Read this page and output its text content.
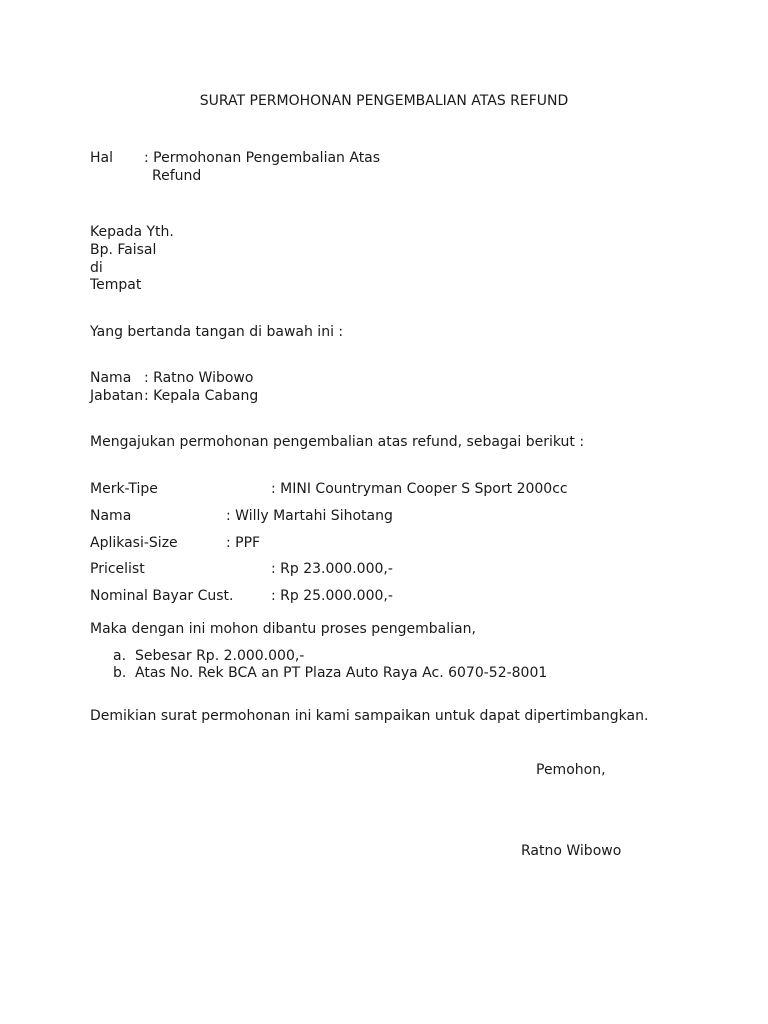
SURAT PERMOHONAN PENGEMBALIAN ATAS REFUND
Hal : Permohonan Pengembalian Atas
Refund
Kepada Yth.
Bp. Faisal
di
Tempat
Yang bertanda tangan di bawah ini :
Nama : Ratno Wibowo
Jabatan : Kepala Cabang
Mengajukan permohonan pengembalian atas refund, sebagai berikut :
Merk-Tipe	: MINI Countryman Cooper S Sport 2000cc
Nama	: Willy Martahi Sihotang
Aplikasi-Size	: PPF
Pricelist	: Rp 23.000.000,-
Nominal Bayar Cust.	: Rp 25.000.000,-
Maka dengan ini mohon dibantu proses pengembalian,
a. Sebesar Rp. 2.000.000,-
b. Atas No. Rek BCA an PT Plaza Auto Raya Ac. 6070-52-8001
Demikian surat permohonan ini kami sampaikan untuk dapat dipertimbangkan.
Pemohon,
Ratno Wibowo
